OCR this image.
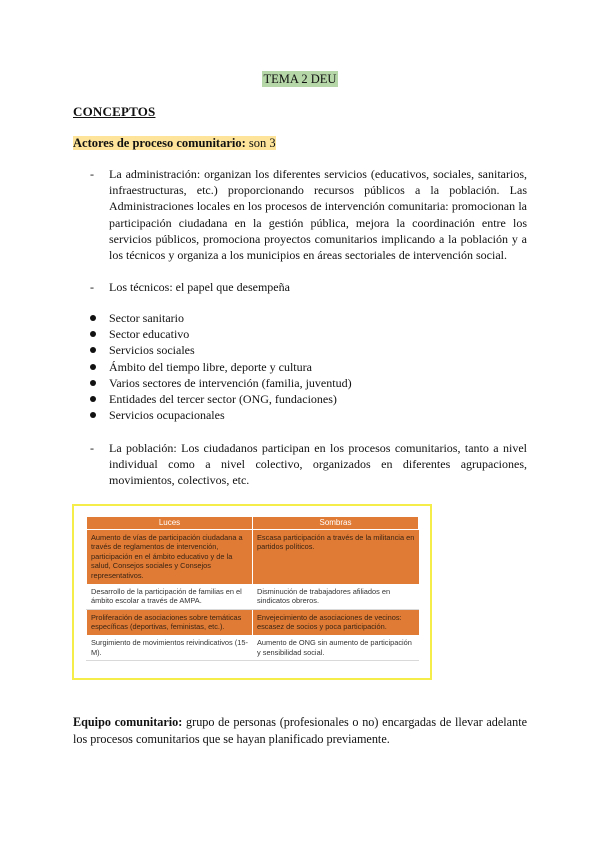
TEMA 2 DEU
CONCEPTOS
Actores de proceso comunitario: son 3
- La administración: organizan los diferentes servicios (educativos, sociales, sanitarios, infraestructuras, etc.) proporcionando recursos públicos a la población. Las Administraciones locales en los procesos de intervención comunitaria: promocionan la participación ciudadana en la gestión pública, mejora la coordinación entre los servicios públicos, promociona proyectos comunitarios implicando a la población y a los técnicos y organiza a los municipios en áreas sectoriales de intervención social.
- Los técnicos: el papel que desempeña
Sector sanitario
Sector educativo
Servicios sociales
Ámbito del tiempo libre, deporte y cultura
Varios sectores de intervención (familia, juventud)
Entidades del tercer sector (ONG, fundaciones)
Servicios ocupacionales
- La población: Los ciudadanos participan en los procesos comunitarios, tanto a nivel individual como a nivel colectivo, organizados en diferentes agrupaciones, movimientos, colectivos, etc.
Luces	Sombras
Aumento de vías de participación ciudadana a través de reglamentos de intervención, participación en el ámbito educativo y de la salud, Consejos sociales y Consejos representativos.	Escasa participación a través de la militancia en partidos políticos.
Desarrollo de la participación de familias en el ámbito escolar a través de AMPA.	Disminución de trabajadores afiliados en sindicatos obreros.
Proliferación de asociaciones sobre temáticas específicas (deportivas, feministas, etc.).	Envejecimiento de asociaciones de vecinos: escasez de socios y poca participación.
Surgimiento de movimientos reivindicativos (15-M).	Aumento de ONG sin aumento de participación y sensibilidad social.
Equipo comunitario: grupo de personas (profesionales o no) encargadas de llevar adelante los procesos comunitarios que se hayan planificado previamente.
